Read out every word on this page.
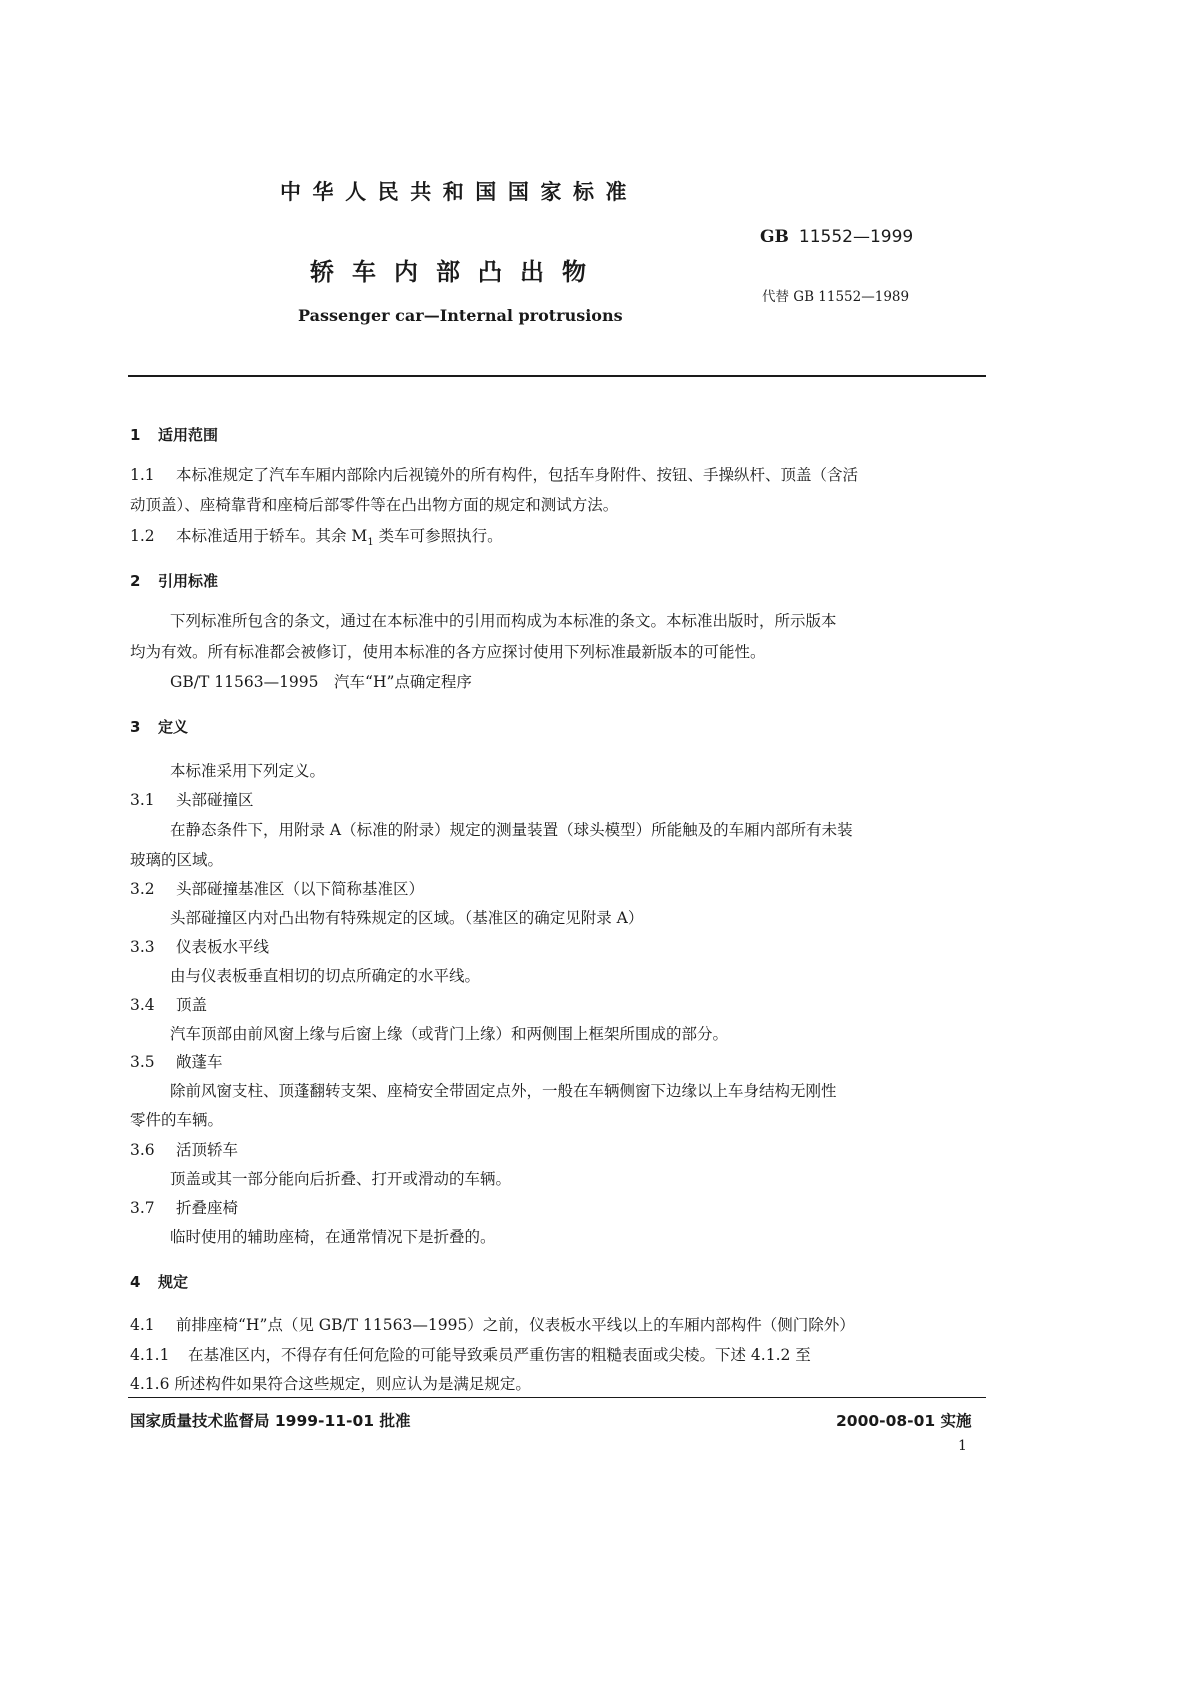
中华人民共和国国家标准
GB 11552—1999
轿车内部凸出物
代替 GB 11552—1989
Passenger car—Internal protrusions
1 适用范围
1.1 本标准规定了汽车车厢内部除内后视镜外的所有构件，包括车身附件、按钮、手操纵杆、顶盖（含活
动顶盖）、座椅靠背和座椅后部零件等在凸出物方面的规定和测试方法。
1.2 本标准适用于轿车。其余 $M_1$ 类车可参照执行。
2 引用标准
下列标准所包含的条文，通过在本标准中的引用而构成为本标准的条文。本标准出版时，所示版本
均为有效。所有标准都会被修订，使用本标准的各方应探讨使用下列标准最新版本的可能性。
GB/T 11563—1995　汽车“H”点确定程序
3 定义
本标准采用下列定义。
3.1 头部碰撞区
在静态条件下，用附录 A（标准的附录）规定的测量装置（球头模型）所能触及的车厢内部所有未装
玻璃的区域。
3.2 头部碰撞基准区（以下简称基准区）
头部碰撞区内对凸出物有特殊规定的区域。（基准区的确定见附录 A）
3.3 仪表板水平线
由与仪表板垂直相切的切点所确定的水平线。
3.4 顶盖
汽车顶部由前风窗上缘与后窗上缘（或背门上缘）和两侧围上框架所围成的部分。
3.5 敞蓬车
除前风窗支柱、顶蓬翻转支架、座椅安全带固定点外，一般在车辆侧窗下边缘以上车身结构无刚性
零件的车辆。
3.6 活顶轿车
顶盖或其一部分能向后折叠、打开或滑动的车辆。
3.7 折叠座椅
临时使用的辅助座椅，在通常情况下是折叠的。
4 规定
4.1 前排座椅“H”点（见 GB/T 11563—1995）之前，仪表板水平线以上的车厢内部构件（侧门除外）
4.1.1 在基准区内，不得存有任何危险的可能导致乘员严重伤害的粗糙表面或尖棱。下述 4.1.2 至
4.1.6 所述构件如果符合这些规定，则应认为是满足规定。
国家质量技术监督局 1999-11-01 批准	2000-08-01 实施
1
